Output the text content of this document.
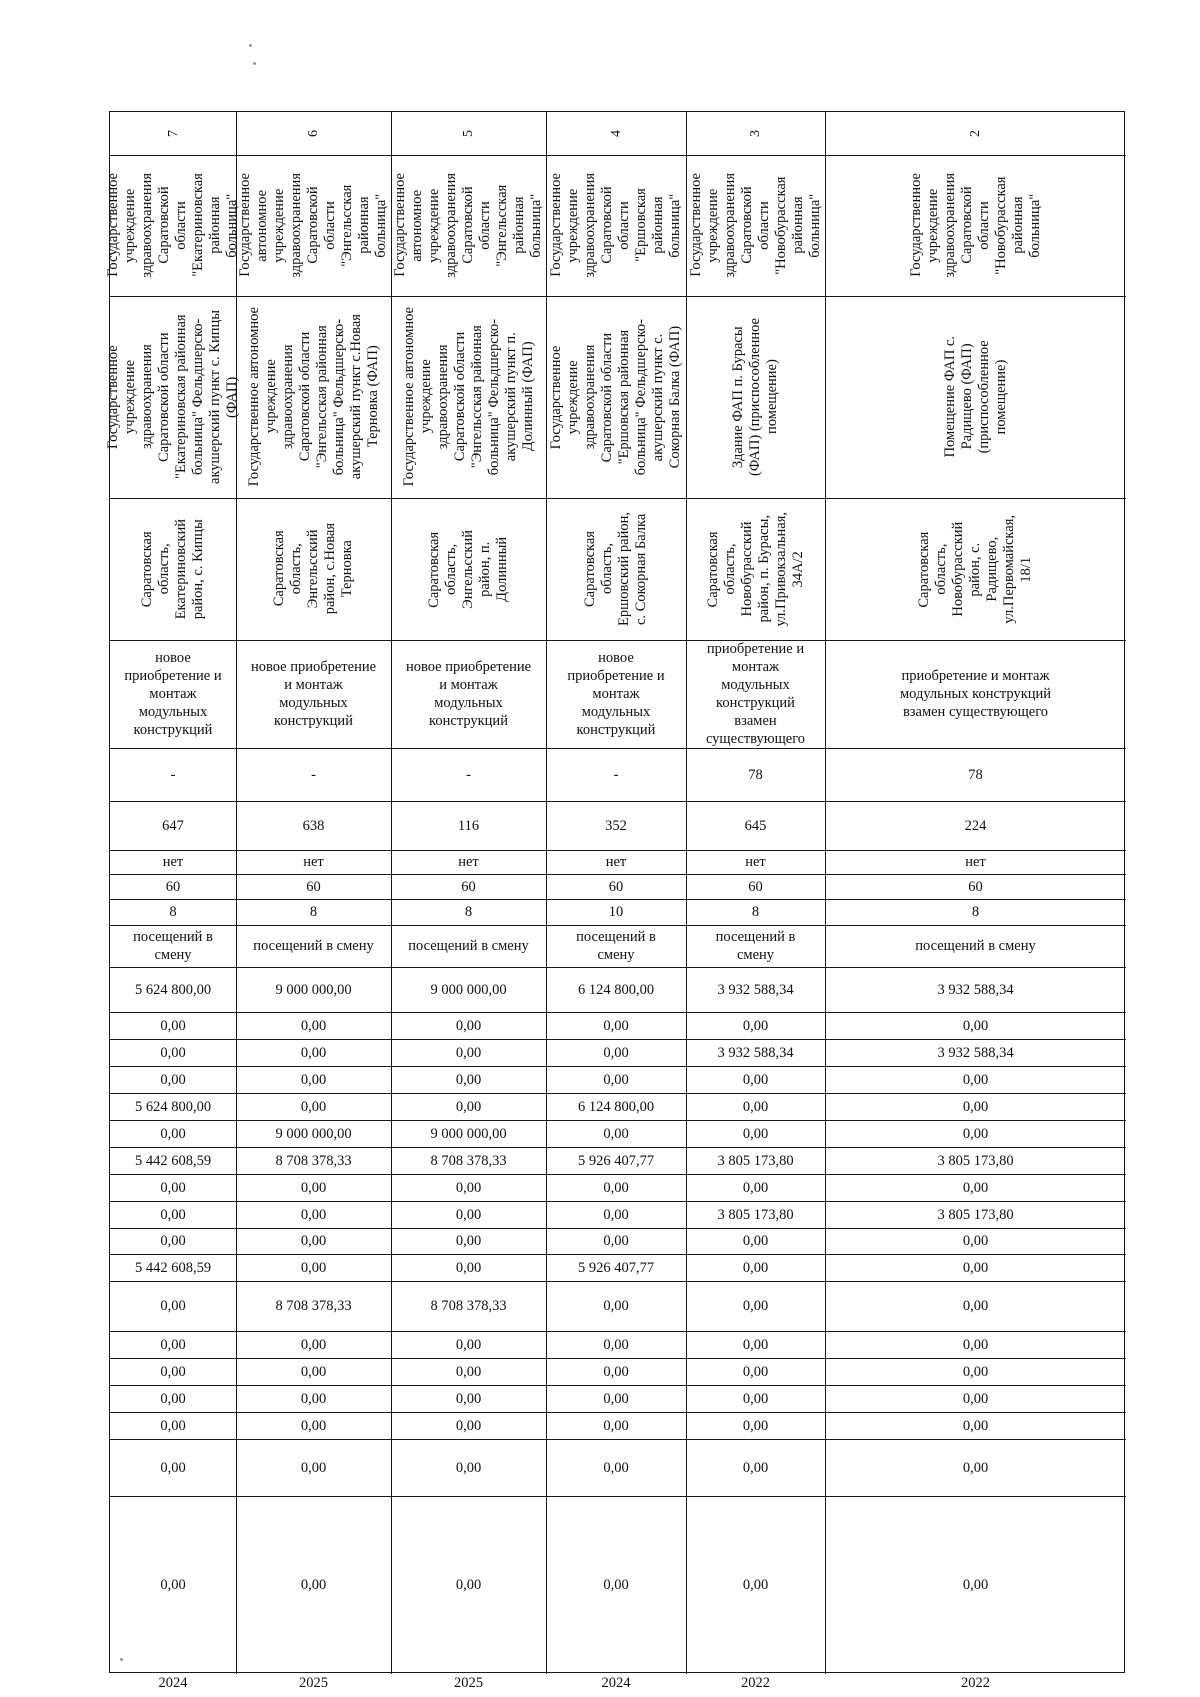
7
Государственное
учреждение
здравоохранения
Саратовской
области
"Екатериновская
районная
больница"
Государственное
учреждение
здравоохранения
Саратовской области
"Екатериновская районная
больница" Фельдшерско-
акушерский пункт с. Кипцы
(ФАП)
Саратовская
область,
Екатериновский
район, с. Кипцы
новое
приобретение и
монтаж
модульных
конструкций
-
647
нет
60
8
посещений в
смену
5 624 800,00
0,00
0,00
0,00
5 624 800,00
0,00
5 442 608,59
0,00
0,00
0,00
5 442 608,59
0,00
0,00
0,00
0,00
0,00
0,00
0,00
2024
6
Государственное
автономное
учреждение
здравоохранения
Саратовской
области
"Энгельсская
районная
больница"
Государственное автономное
учреждение
здравоохранения
Саратовской области
"Энгельсская районная
больница" Фельдшерско-
акушерский пункт с.Новая
Терновка (ФАП)
Саратовская
область,
Энгельсский
район, с.Новая
Терновка
новое приобретение
и монтаж
модульных
конструкций
-
638
нет
60
8
посещений в смену
9 000 000,00
0,00
0,00
0,00
0,00
9 000 000,00
8 708 378,33
0,00
0,00
0,00
0,00
8 708 378,33
0,00
0,00
0,00
0,00
0,00
0,00
2025
5
Государственное
автономное
учреждение
здравоохранения
Саратовской
области
"Энгельсская
районная
больница"
Государственное автономное
учреждение
здравоохранения
Саратовской области
"Энгельсская районная
больница" Фельдшерско-
акушерский пункт п.
Долинный (ФАП)
Саратовская
область,
Энгельсский
район, п.
Долинный
новое приобретение
и монтаж
модульных
конструкций
-
116
нет
60
8
посещений в смену
9 000 000,00
0,00
0,00
0,00
0,00
9 000 000,00
8 708 378,33
0,00
0,00
0,00
0,00
8 708 378,33
0,00
0,00
0,00
0,00
0,00
0,00
2025
4
Государственное
учреждение
здравоохранения
Саратовской
области
"Ершовская
районная
больница"
Государственное
учреждение
здравоохранения
Саратовской области
"Ершовская районная
больница" Фельдшерско-
акушерский пункт с.
Сокорная Балка (ФАП)
Саратовская
область,
Ершовский район,
с. Сокорная Балка
новое
приобретение и
монтаж
модульных
конструкций
-
352
нет
60
10
посещений в
смену
6 124 800,00
0,00
0,00
0,00
6 124 800,00
0,00
5 926 407,77
0,00
0,00
0,00
5 926 407,77
0,00
0,00
0,00
0,00
0,00
0,00
0,00
2024
3
Государственное
учреждение
здравоохранения
Саратовской
области
"Новобурасская
районная
больница"
Здание ФАП п. Бурасы
(ФАП) (приспособленное
помещение)
Саратовская
область,
Новобурасский
район, п. Бурасы,
ул.Привокзальная,
34А/2
приобретение и
монтаж
модульных
конструкций
взамен
существующего
78
645
нет
60
8
посещений в
смену
3 932 588,34
0,00
3 932 588,34
0,00
0,00
0,00
3 805 173,80
0,00
3 805 173,80
0,00
0,00
0,00
0,00
0,00
0,00
0,00
0,00
0,00
2022
2
Государственное
учреждение
здравоохранения
Саратовской
области
"Новобурасская
районная
больница"
Помещение ФАП с.
Радищево (ФАП)
(приспособленное
помещение)
Саратовская
область,
Новобурасский
район, с.
Радищево,
ул.Первомайская,
18/1
приобретение и монтаж
модульных конструкций
взамен существующего
78
224
нет
60
8
посещений в смену
3 932 588,34
0,00
3 932 588,34
0,00
0,00
0,00
3 805 173,80
0,00
3 805 173,80
0,00
0,00
0,00
0,00
0,00
0,00
0,00
0,00
0,00
2022
